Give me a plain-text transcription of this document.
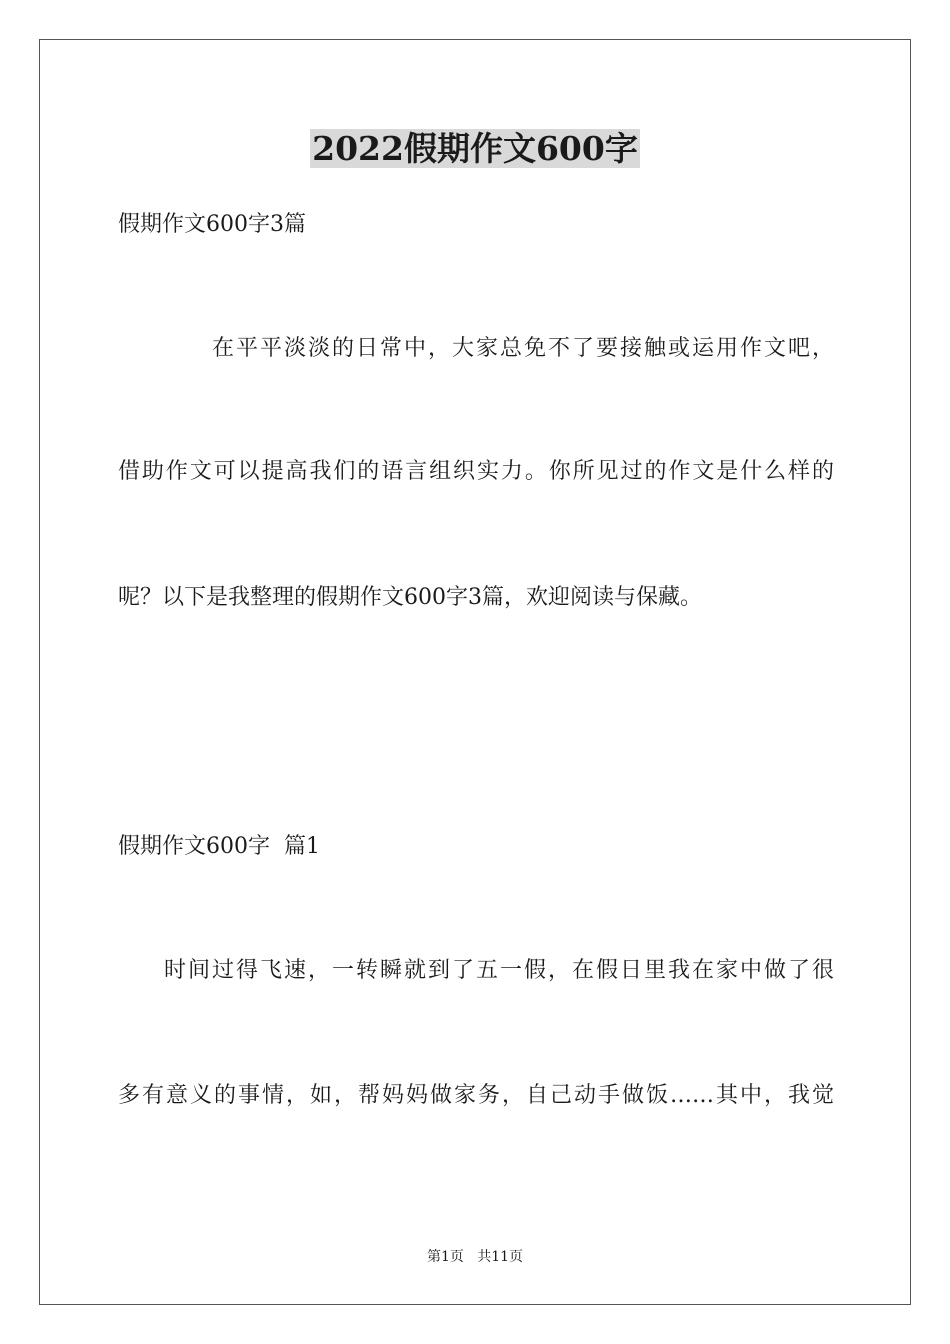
2022假期作文600字
假期作文600字3篇
在平平淡淡的日常中，大家总免不了要接触或运用作文吧，
借助作文可以提高我们的语言组织实力。你所见过的作文是什么样的
呢？以下是我整理的假期作文600字3篇，欢迎阅读与保藏。
假期作文600字  篇1
时间过得飞速，一转瞬就到了五一假，在假日里我在家中做了很
多有意义的事情，如，帮妈妈做家务，自己动手做饭……其中，我觉
第1页   共11页
